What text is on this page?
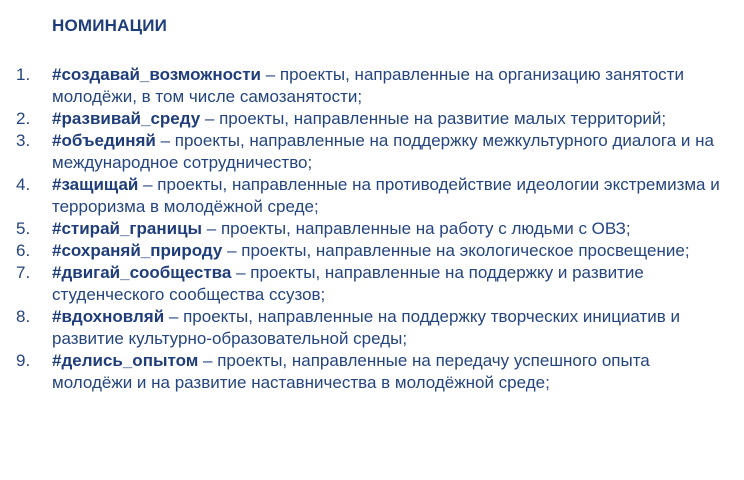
НОМИНАЦИИ
1.	#создавай_возможности – проекты, направленные на организацию занятости молодёжи, в том числе самозанятости;
2.	#развивай_среду – проекты, направленные на развитие малых территорий;
3.	#объединяй – проекты, направленные на поддержку межкультурного диалога и на международное сотрудничество;
4.	#защищай – проекты, направленные на противодействие идеологии экстремизма и терроризма в молодёжной среде;
5.	#стирай_границы – проекты, направленные на работу с людьми с ОВЗ;
6.	#сохраняй_природу – проекты, направленные на экологическое просвещение;
7.	#двигай_сообщества – проекты, направленные на поддержку и развитие студенческого сообщества ссузов;
8.	#вдохновляй – проекты, направленные на поддержку творческих инициатив и развитие культурно-образовательной среды;
9.	#делись_опытом – проекты, направленные на передачу успешного опыта молодёжи и на развитие наставничества в молодёжной среде;
